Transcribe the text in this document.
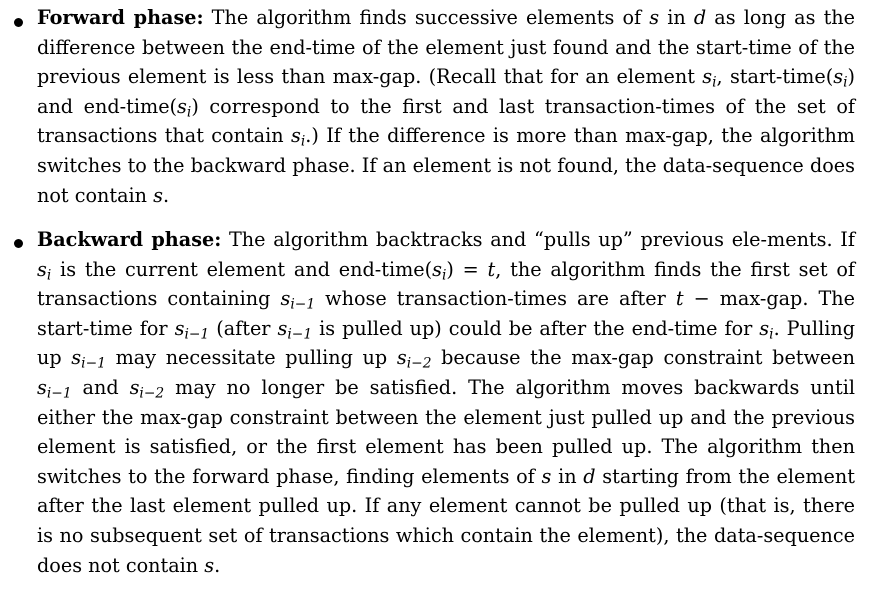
Forward phase: The algorithm finds successive elements of s in d as long as the difference between the end-time of the element just found and the start-time of the previous element is less than max-gap. (Recall that for an element $s_i$, start-$time(s_i)$ and end-$time(s_i)$ correspond to the first and last transaction-times of the set of transactions that contain $s_i$.) If the difference is more than max-gap, the algorithm switches to the backward phase. If an element is not found, the data-sequence does not contain s.

Backward phase: The algorithm backtracks and “pulls up” previous ele-ments. If $s_i$ is the current element and end-$time(s_i) = t$, the algorithm finds the first set of transactions containing $s_{i-1}$ whose transaction-times are after t − max-gap. The start-time for $s_{i-1}$ (after $s_{i-1}$ is pulled up) could be after the end-time for $s_i$. Pulling up $s_{i-1}$ may necessitate pulling up $s_{i-2}$ because the max-gap constraint between $s_{i-1}$ and $s_{i-2}$ may no longer be satisfied. The algorithm moves backwards until either the max-gap constraint between the element just pulled up and the previous element is satisfied, or the first element has been pulled up. The algorithm then switches to the forward phase, finding elements of s in d starting from the element after the last element pulled up. If any element cannot be pulled up (that is, there is no subsequent set of transactions which contain the element), the data-sequence does not contain s.
